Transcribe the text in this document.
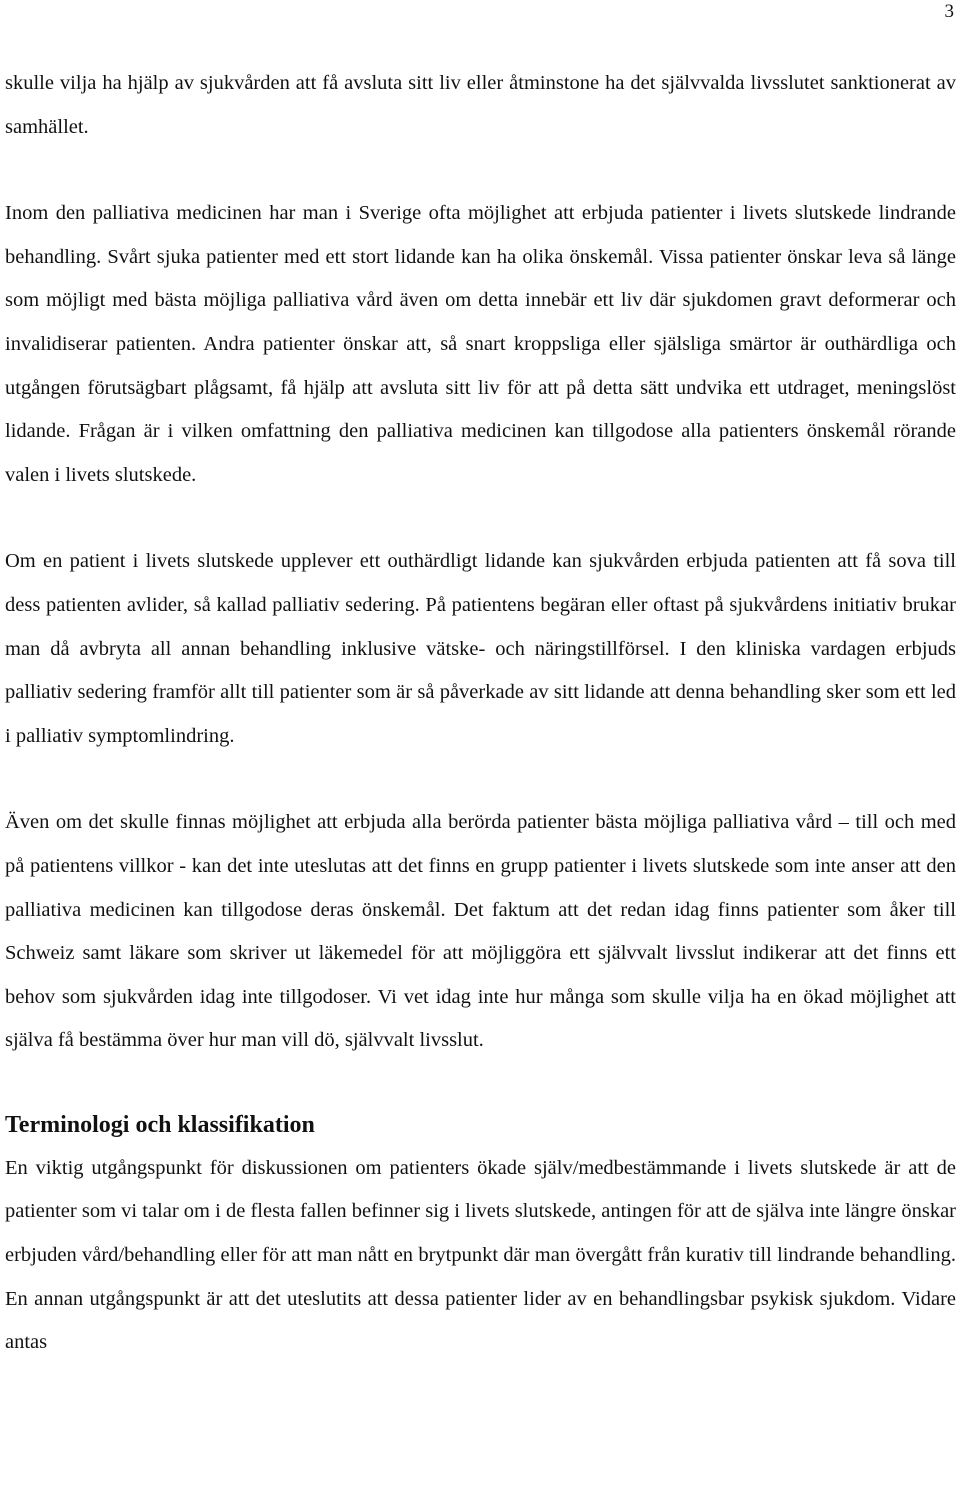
3

skulle vilja ha hjälp av sjukvården att få avsluta sitt liv eller åtminstone ha det självvalda livsslutet sanktionerat av samhället.

Inom den palliativa medicinen har man i Sverige ofta möjlighet att erbjuda patienter i livets slutskede lindrande behandling. Svårt sjuka patienter med ett stort lidande kan ha olika önskemål. Vissa patienter önskar leva så länge som möjligt med bästa möjliga palliativa vård även om detta innebär ett liv där sjukdomen gravt deformerar och invalidiserar patienten. Andra patienter önskar att, så snart kroppsliga eller själsliga smärtor är outhärdliga och utgången förutsägbart plågsamt, få hjälp att avsluta sitt liv för att på detta sätt undvika ett utdraget, meningslöst lidande. Frågan är i vilken omfattning den palliativa medicinen kan tillgodose alla patienters önskemål rörande valen i livets slutskede.

Om en patient i livets slutskede upplever ett outhärdligt lidande kan sjukvården erbjuda patienten att få sova till dess patienten avlider, så kallad palliativ sedering. På patientens begäran eller oftast på sjukvårdens initiativ brukar man då avbryta all annan behandling inklusive vätske- och näringstillförsel. I den kliniska vardagen erbjuds palliativ sedering framför allt till patienter som är så påverkade av sitt lidande att denna behandling sker som ett led i palliativ symptomlindring.

Även om det skulle finnas möjlighet att erbjuda alla berörda patienter bästa möjliga palliativa vård – till och med på patientens villkor - kan det inte uteslutas att det finns en grupp patienter i livets slutskede som inte anser att den palliativa medicinen kan tillgodose deras önskemål. Det faktum att det redan idag finns patienter som åker till Schweiz samt läkare som skriver ut läkemedel för att möjliggöra ett självvalt livsslut indikerar att det finns ett behov som sjukvården idag inte tillgodoser. Vi vet idag inte hur många som skulle vilja ha en ökad möjlighet att själva få bestämma över hur man vill dö, självvalt livsslut.

Terminologi och klassifikation

En viktig utgångspunkt för diskussionen om patienters ökade själv/medbestämmande i livets slutskede är att de patienter som vi talar om i de flesta fallen befinner sig i livets slutskede, antingen för att de själva inte längre önskar erbjuden vård/behandling eller för att man nått en brytpunkt där man övergått från kurativ till lindrande behandling. En annan utgångspunkt är att det uteslutits att dessa patienter lider av en behandlingsbar psykisk sjukdom. Vidare antas
